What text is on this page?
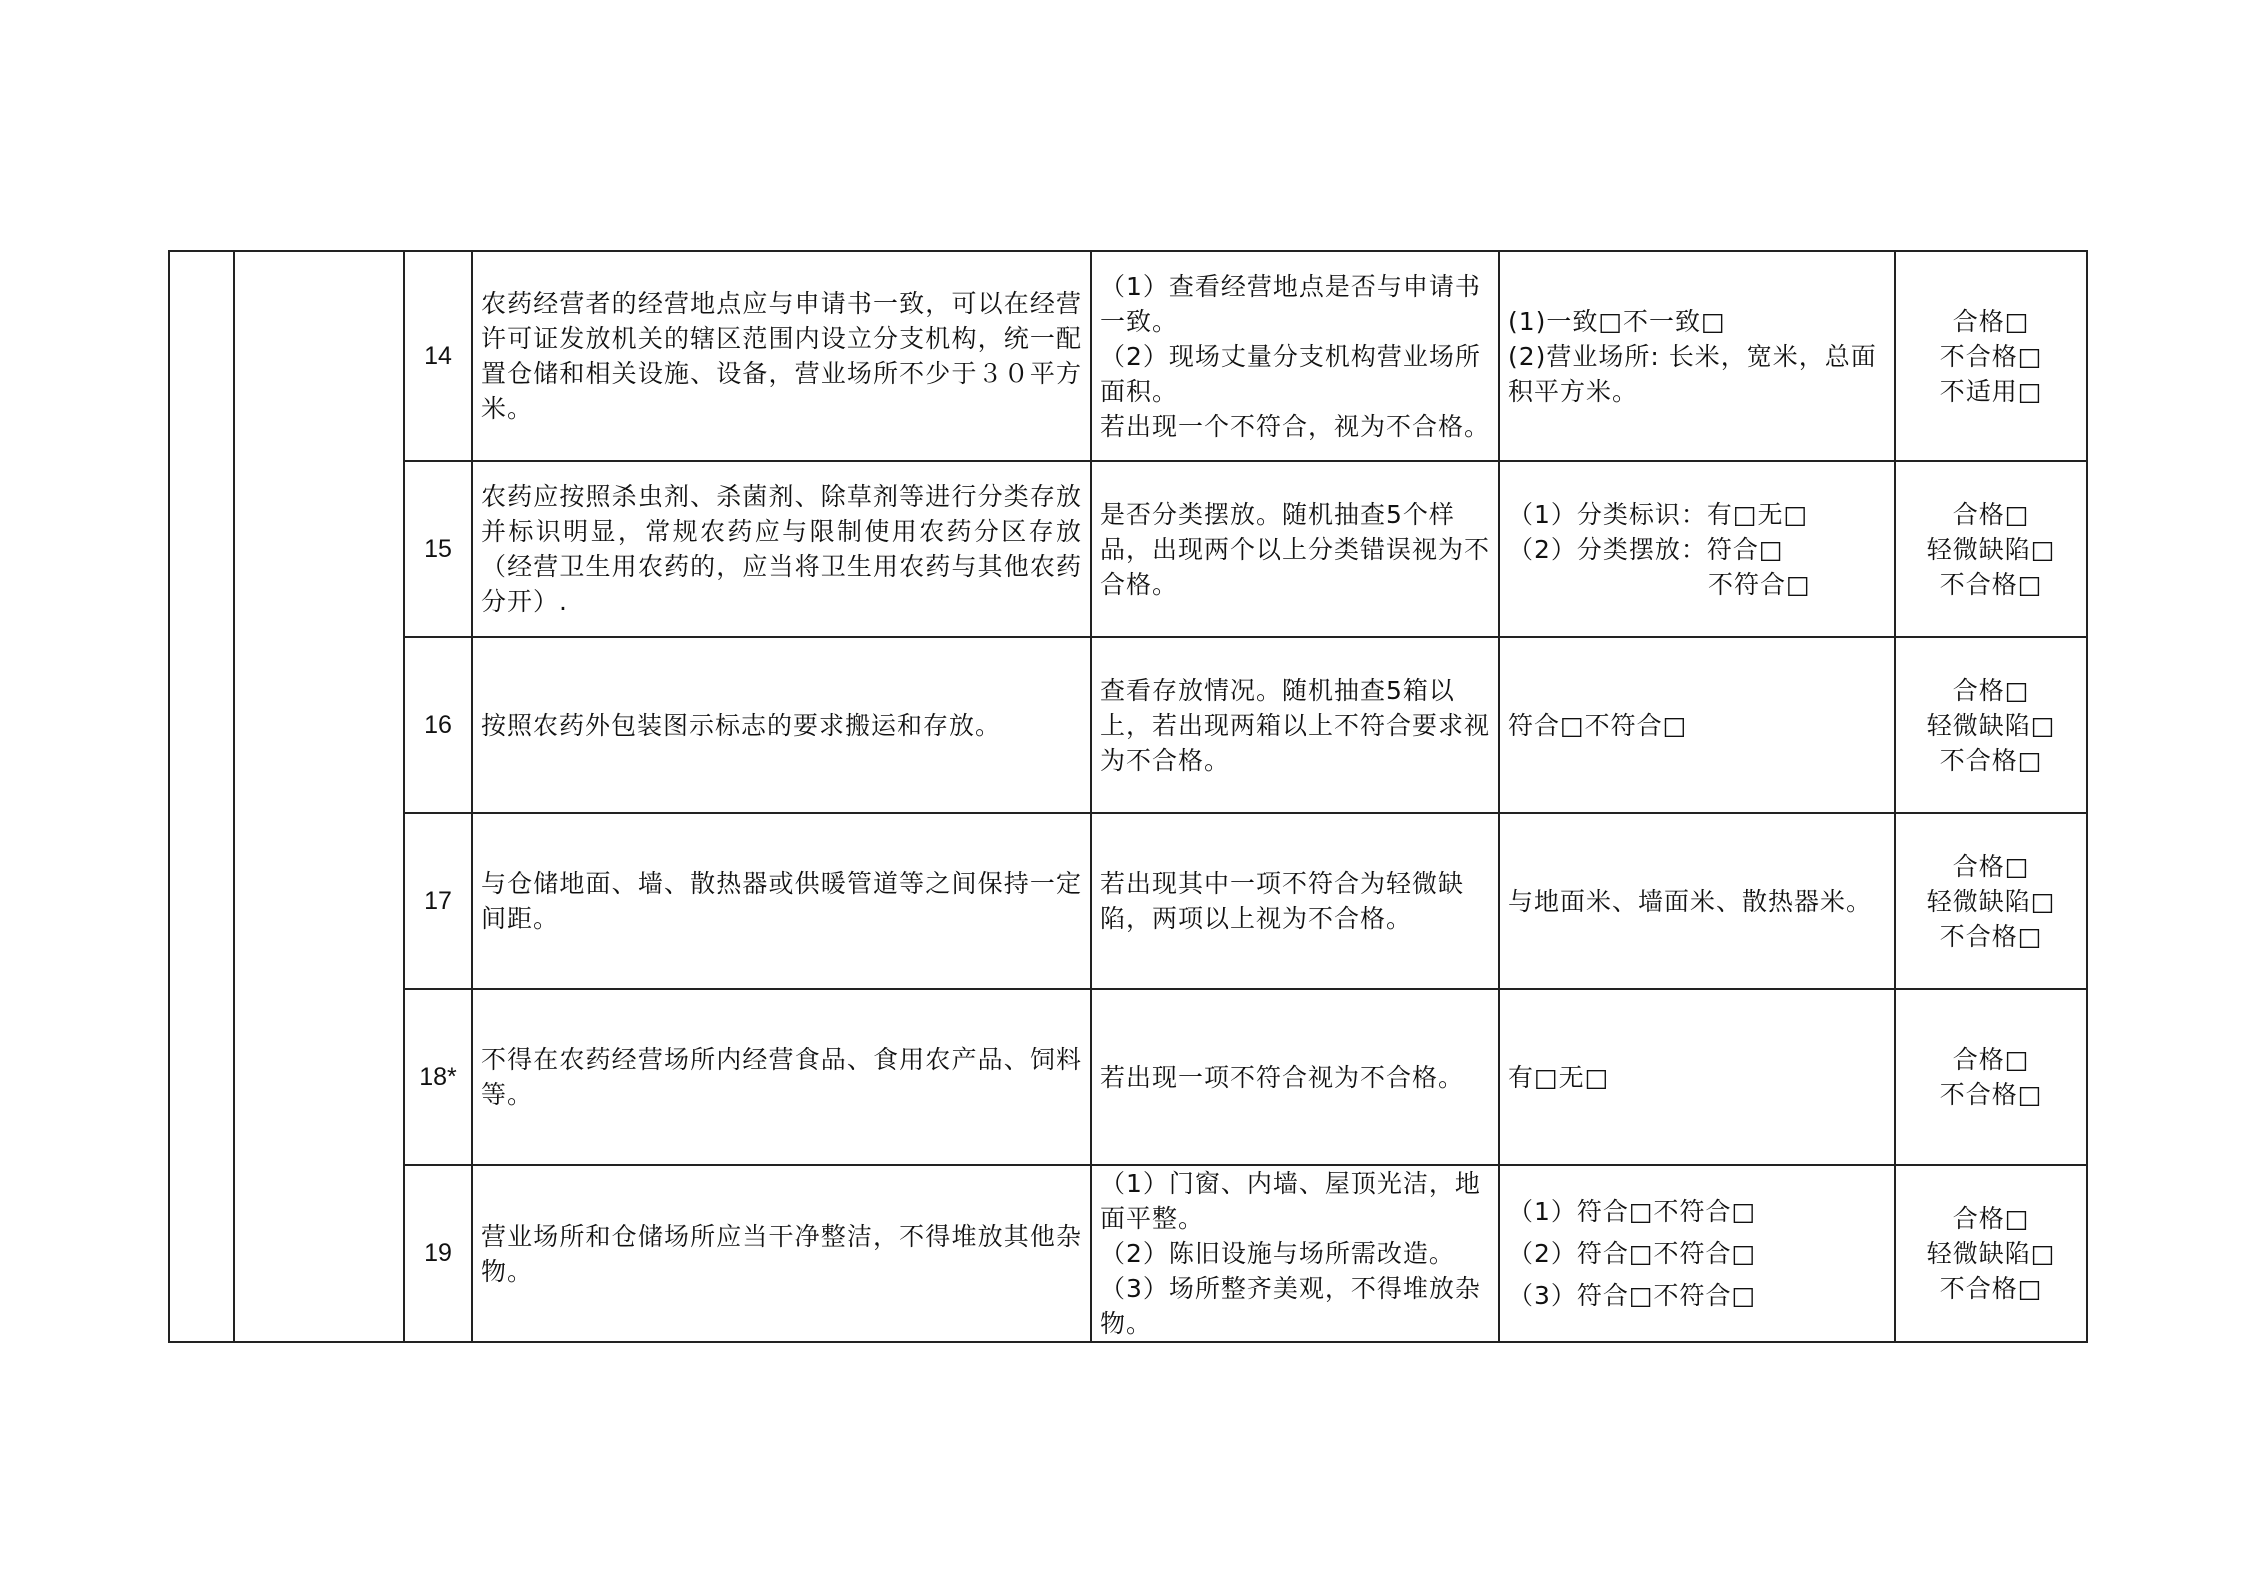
		14	农药经营者的经营地点应与申请书一致，可以在经营许可证发放机关的辖区范围内设立分支机构，统一配置仓储和相关设施、设备，营业场所不少于３０平方米。	（1）查看经营地点是否与申请书一致。
（2）现场丈量分支机构营业场所面积。
若出现一个不符合，视为不合格。	(1)一致□不一致□
(2)营业场所: 长米，宽米，总面积平方米。	合格□
不合格□
不适用□

		15	农药应按照杀虫剂、杀菌剂、除草剂等进行分类存放并标识明显，常规农药应与限制使用农药分区存放（经营卫生用农药的，应当将卫生用农药与其他农药分开）.	是否分类摆放。随机抽查5个样品，出现两个以上分类错误视为不合格。	（1）分类标识：有□无□
（2）分类摆放：符合□
不符合□	合格□
轻微缺陷□
不合格□

		16	按照农药外包装图示标志的要求搬运和存放。	查看存放情况。随机抽查5箱以上，若出现两箱以上不符合要求视为不合格。	符合□不符合□	合格□
轻微缺陷□
不合格□

		17	与仓储地面、墙、散热器或供暖管道等之间保持一定间距。	若出现其中一项不符合为轻微缺陷，两项以上视为不合格。	与地面米、墙面米、散热器米。	合格□
轻微缺陷□
不合格□

		18*	不得在农药经营场所内经营食品、食用农产品、饲料等。	若出现一项不符合视为不合格。	有□无□	合格□
不合格□

		19	营业场所和仓储场所应当干净整洁，不得堆放其他杂物。	（1）门窗、内墙、屋顶光洁，地面平整。
（2）陈旧设施与场所需改造。
（3）场所整齐美观，不得堆放杂物。	（1）符合□不符合□
（2）符合□不符合□
（3）符合□不符合□	合格□
轻微缺陷□
不合格□
